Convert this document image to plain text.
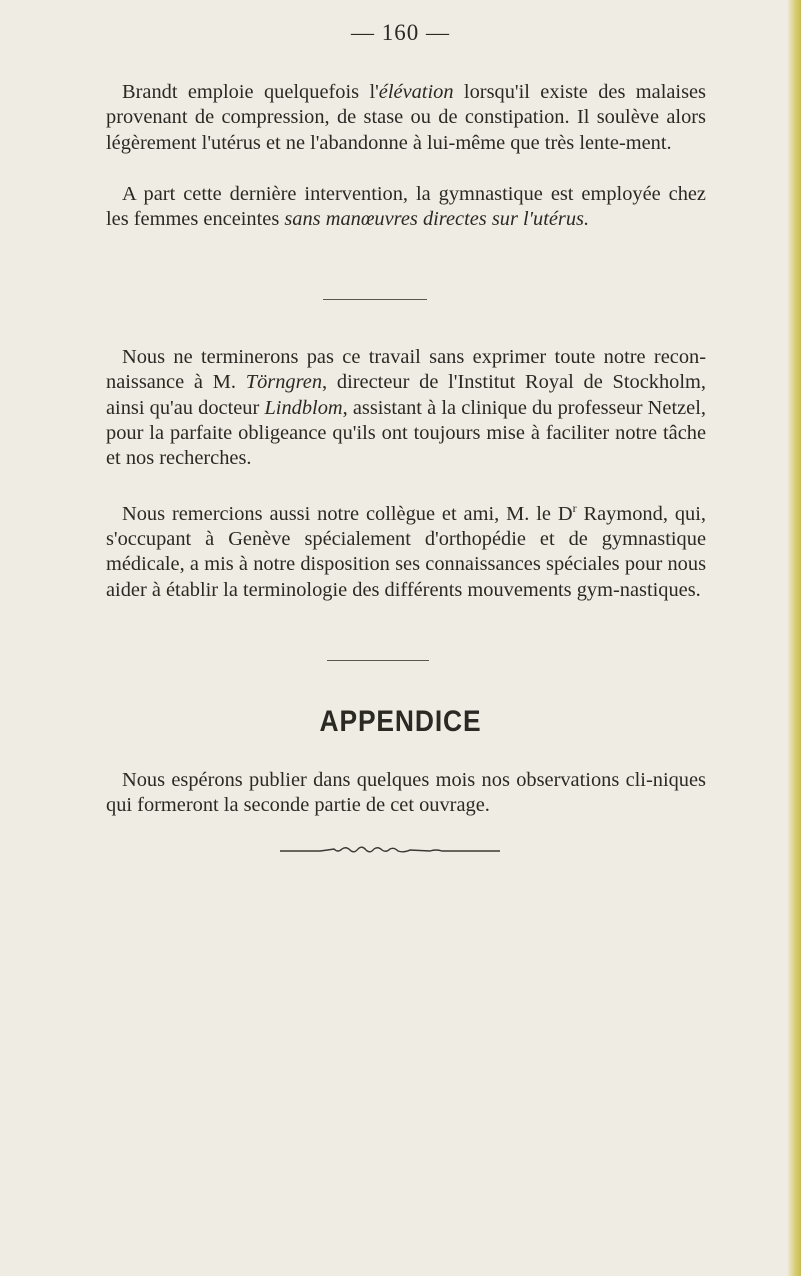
— 160 —

Brandt emploie quelquefois l'élévation lorsqu'il existe des malaises provenant de compression, de stase ou de constipation. Il soulève alors légèrement l'utérus et ne l'abandonne à lui-même que très lente-ment.

A part cette dernière intervention, la gymnastique est employée chez les femmes enceintes sans manœuvres directes sur l'utérus.

Nous ne terminerons pas ce travail sans exprimer toute notre recon-naissance à M. Törngren, directeur de l'Institut Royal de Stockholm, ainsi qu'au docteur Lindblom, assistant à la clinique du professeur Netzel, pour la parfaite obligeance qu'ils ont toujours mise à faciliter notre tâche et nos recherches.

Nous remercions aussi notre collègue et ami, M. le $D^r$ Raymond, qui, s'occupant à Genève spécialement d'orthopédie et de gymnastique médicale, a mis à notre disposition ses connaissances spéciales pour nous aider à établir la terminologie des différents mouvements gym-nastiques.

APPENDICE

Nous espérons publier dans quelques mois nos observations cli-niques qui formeront la seconde partie de cet ouvrage.
